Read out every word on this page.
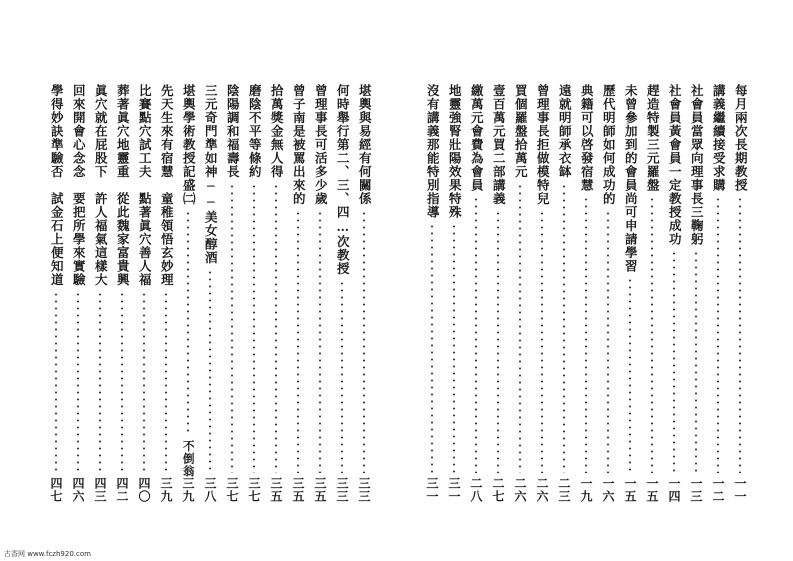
每月兩次長期教授
一一
講義繼續接受求購
一二
社會員當眾向理事長三鞠躬
一三
社會員黃會員一定教授成功
一四
趕造特製三元羅盤
一五
未曾參加到的會員尚可申請學習
一五
歷代明師如何成功的
一六
典籍可以啓發宿慧
一九
遠就明師承衣缽
二三
曾理事長拒做模特兒
二六
買個羅盤拾萬元
二六
壹百萬元買二部講義
二七
繳萬元會費為會員
二八
地靈強腎壯陽效果特殊
三一
沒有講義那能特別指導
三一
堪輿與易經有何關係
三三
何時舉行第二、三、四…次教授
三三
曾理事長可活多少歲
三五
曾子南是被罵出來的
三五
拾萬獎金無人得
三五
磨陰不平等條約
三七
陰陽調和福壽長
三七
三元奇門準如神──美女醇酒
三八
堪輿學術教授記盛㈡
不倒翁
三九
先天生來有宿慧　童稚領悟玄妙理
三九
比賽點穴試工夫　點著眞穴善人福
四〇
葬著眞穴地靈重　從此魏家富貴興
四二
眞穴就在屁股下　許人福氣這樣大
四三
回來開會心念念　要把所學來實驗
四六
學得妙訣準驗否　試金石上便知道
四七
古香网 www.fczh920.com
